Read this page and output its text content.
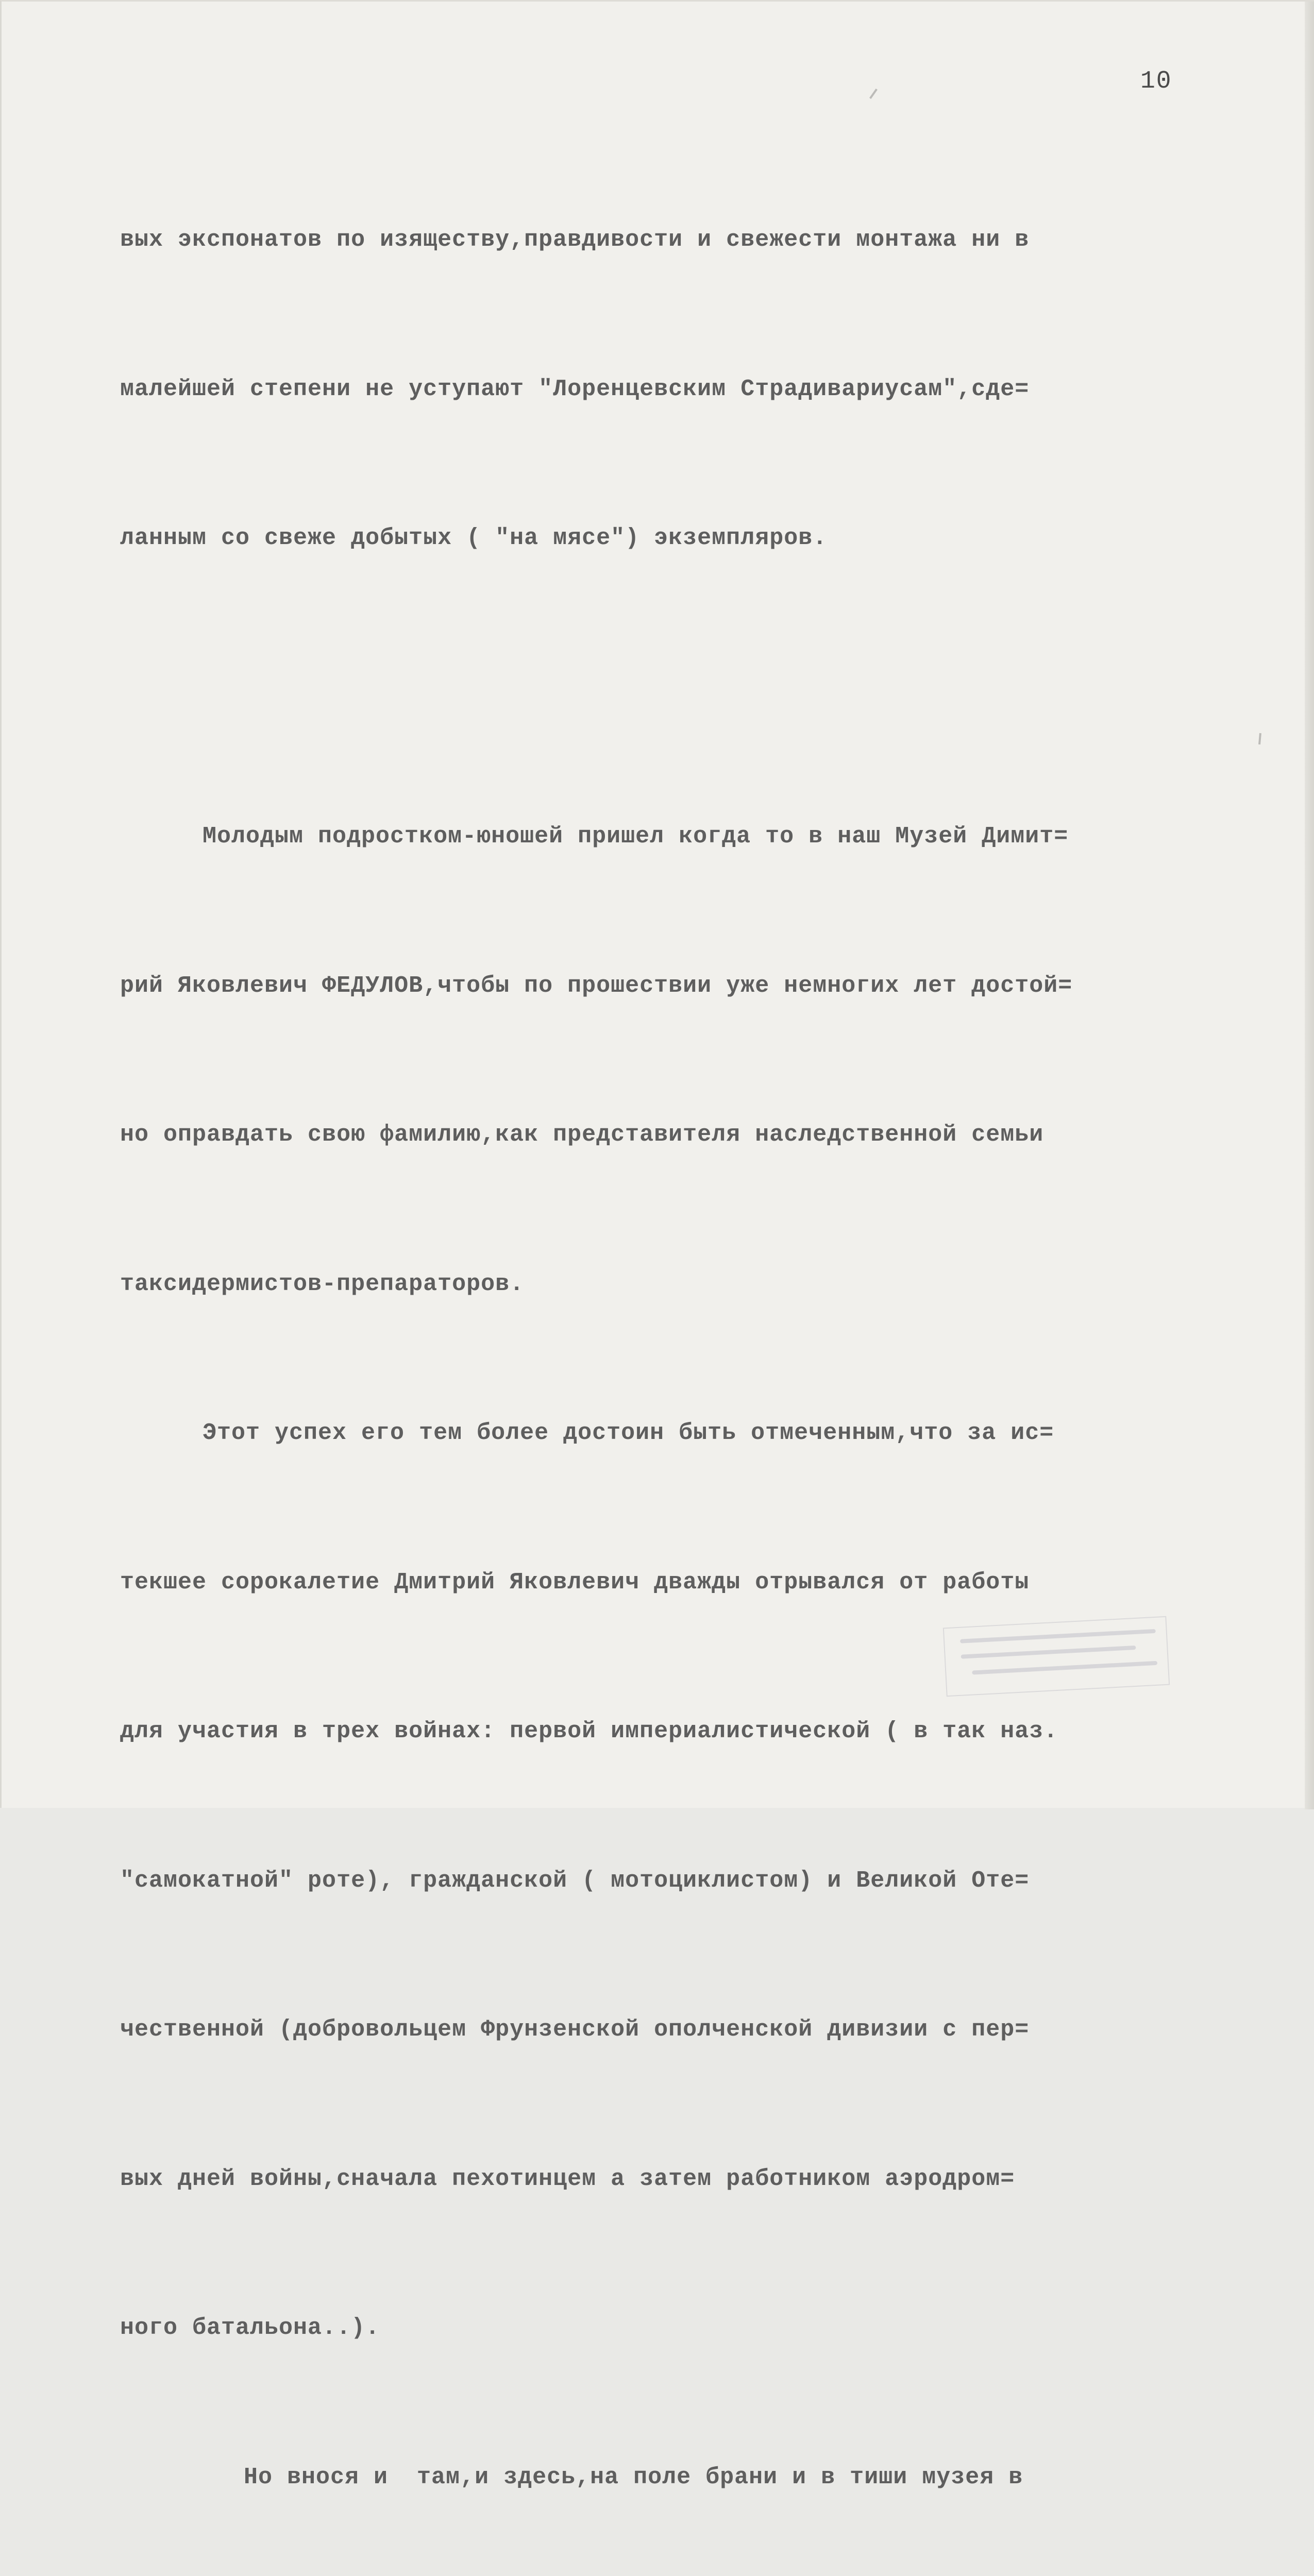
10

вых экспонатов по изяществу,правдивости и свежести монтажа ни в

малейшей степени не уступают "Лоренцевским Страдивариусам",сде=

ланным со свеже добытых ( "на мясе") экземпляров.

Молодым подростком-юношей пришел когда то в наш Музей Димит=

рий Яковлевич ФЕДУЛОВ,чтобы по прошествии уже немногих лет достой=

но оправдать свою фамилию,как представителя наследственной семьи

таксидермистов-препараторов.

Этот успех его тем более достоин быть отмеченным,что за ис=

текшее сорокалетие Дмитрий Яковлевич дважды отрывался от работы

для участия в трех войнах: первой империалистической ( в так наз.

"самокатной" роте), гражданской ( мотоциклистом) и Великой Оте=

чественной (добровольцем Фрунзенской ополченской дивизии с пер=

вых дней войны,сначала пехотинцем а затем работником аэродром=

ного батальона..).

Но внося и  там,и здесь,на поле брани и в тиши музея в
